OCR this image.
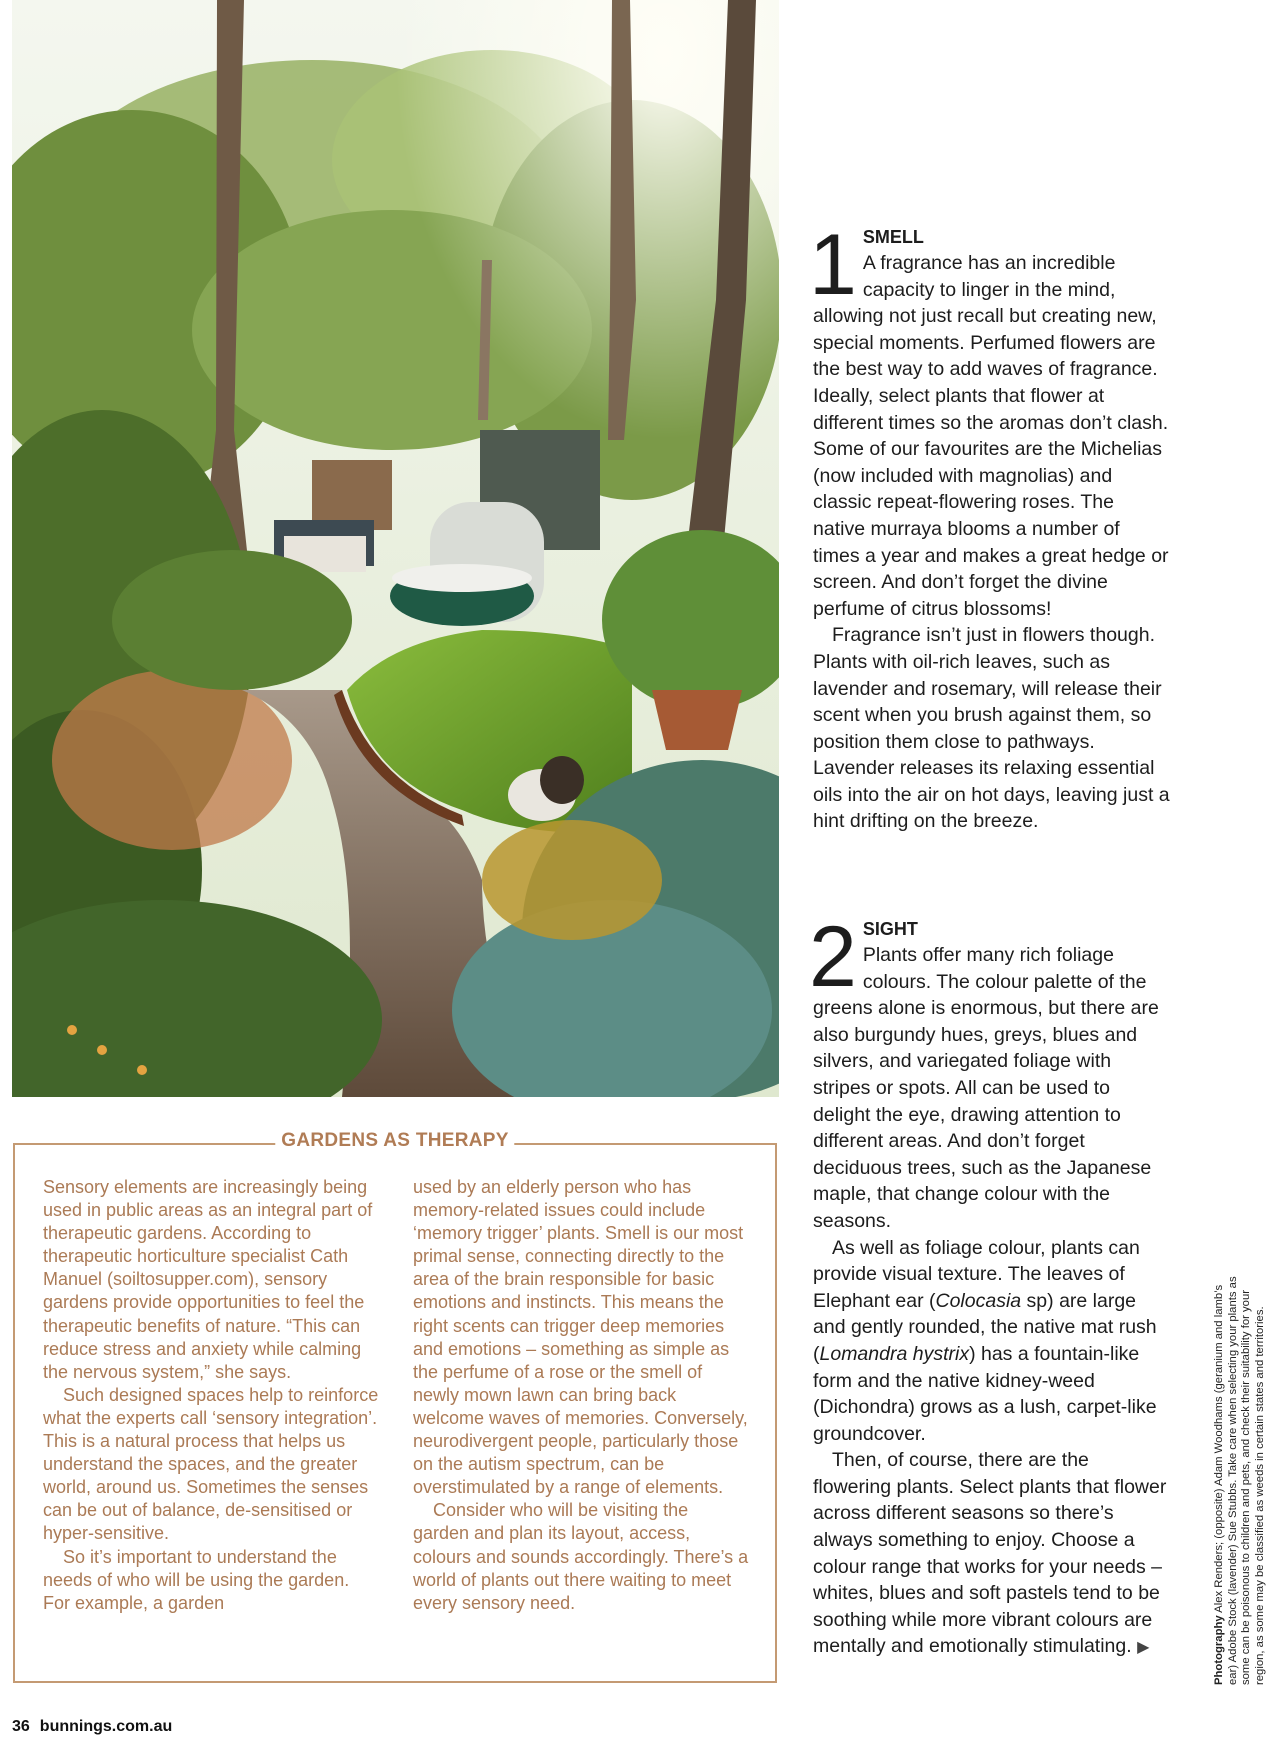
GARDENS AS THERAPY

Sensory elements are increasingly being used in public areas as an integral part of therapeutic gardens. According to therapeutic horticulture specialist Cath Manuel (soiltosupper.com), sensory gardens provide opportunities to feel the therapeutic benefits of nature. “This can reduce stress and anxiety while calming the nervous system,” she says.

Such designed spaces help to reinforce what the experts call ‘sensory integration’. This is a natural process that helps us understand the spaces, and the greater world, around us. Sometimes the senses can be out of balance, de-sensitised or hyper-sensitive.

So it’s important to understand the needs of who will be using the garden. For example, a garden

used by an elderly person who has memory-related issues could include ‘memory trigger’ plants. Smell is our most primal sense, connecting directly to the area of the brain responsible for basic emotions and instincts. This means the right scents can trigger deep memories and emotions – something as simple as the perfume of a rose or the smell of newly mown lawn can bring back welcome waves of memories. Conversely, neurodivergent people, particularly those on the autism spectrum, can be overstimulated by a range of elements.

Consider who will be visiting the garden and plan its layout, access, colours and sounds accordingly. There’s a world of plants out there waiting to meet every sensory need.

1 SMELL

A fragrance has an incredible capacity to linger in the mind, allowing not just recall but creating new, special moments. Perfumed flowers are the best way to add waves of fragrance. Ideally, select plants that flower at different times so the aromas don’t clash. Some of our favourites are the Michelias (now included with magnolias) and classic repeat-flowering roses. The native murraya blooms a number of times a year and makes a great hedge or screen. And don’t forget the divine perfume of citrus blossoms!

Fragrance isn’t just in flowers though. Plants with oil-rich leaves, such as lavender and rosemary, will release their scent when you brush against them, so position them close to pathways. Lavender releases its relaxing essential oils into the air on hot days, leaving just a hint drifting on the breeze.

2 SIGHT

Plants offer many rich foliage colours. The colour palette of the greens alone is enormous, but there are also burgundy hues, greys, blues and silvers, and variegated foliage with stripes or spots. All can be used to delight the eye, drawing attention to different areas. And don’t forget deciduous trees, such as the Japanese maple, that change colour with the seasons.

As well as foliage colour, plants can provide visual texture. The leaves of Elephant ear (Colocasia sp) are large and gently rounded, the native mat rush (Lomandra hystrix) has a fountain-like form and the native kidney-weed (Dichondra) grows as a lush, carpet-like groundcover.

Then, of course, there are the flowering plants. Select plants that flower across different seasons so there’s always something to enjoy. Choose a colour range that works for your needs – whites, blues and soft pastels tend to be soothing while more vibrant colours are mentally and emotionally stimulating. ▶	Photography Alex Renders; (opposite) Adam Woodhams (geranium and lamb’s ear) Adobe Stock (lavender) Sue Stubbs. Take care when selecting your plants as some can be poisonous to children and pets, and check their suitability for your region, as some may be classified as weeds in certain states and territories.
36 bunnings.com.au
